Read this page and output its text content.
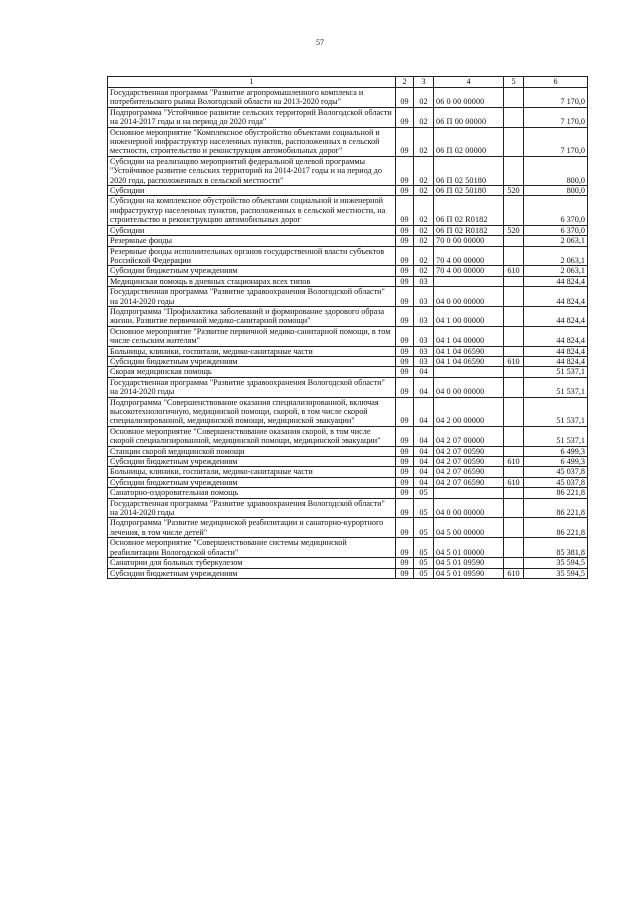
57
1	2	3	4	5	6
Государственная программа "Развитие агропромышленного комплекса и потребительского рынка Вологодской области на 2013-2020 годы"	09	02	06 0 00 00000		7 170,0
Подпрограмма "Устойчивое развитие сельских территорий Вологодской области на 2014-2017 годы и на период до 2020 года"	09	02	06 П 00 00000		7 170,0
Основное мероприятие "Комплексное обустройство объектами социальной и инженерной инфраструктур населенных пунктов, расположенных в сельской местности, строительство и реконструкция автомобильных дорог"	09	02	06 П 02 00000		7 170,0
Субсидии на реализацию мероприятий федеральной целевой программы "Устойчивое развитие сельских территорий на 2014-2017 годы и на период до 2020 года, расположенных в сельской местности"	09	02	06 П 02 50180		800,0
Субсидии	09	02	06 П 02 50180	520	800,0
Субсидии на комплексное обустройство объектами социальной и инженерной инфраструктур населенных пунктов, расположенных в сельской местности, на строительство и реконструкцию автомобильных дорог	09	02	06 П 02 R0182		6 370,0
Субсидии	09	02	06 П 02 R0182	520	6 370,0
Резервные фонды	09	02	70 0 00 00000		2 063,1
Резервные фонды исполнительных органов государственной власти субъектов Российской Федерации	09	02	70 4 00 00000		2 063,1
Субсидии бюджетным учреждениям	09	02	70 4 00 00000	610	2 063,1
Медицинская помощь в дневных стационарах всех типов	09	03			44 824,4
Государственная программа "Развитие здравоохранения Вологодской области" на 2014-2020 годы	09	03	04 0 00 00000		44 824,4
Подпрограмма "Профилактика заболеваний и формирование здорового образа жизни. Развитие первичной медико-санитарной помощи"	09	03	04 1 00 00000		44 824,4
Основное мероприятие "Развитие первичной медико-санитарной помощи, в том числе сельским жителям"	09	03	04 1 04 00000		44 824,4
Больницы, клиники, госпитали, медико-санитарные части	09	03	04 1 04 06590		44 824,4
Субсидии бюджетным учреждениям	09	03	04 1 04 06590	610	44 824,4
Скорая медицинская помощь	09	04			51 537,1
Государственная программа "Развитие здравоохранения Вологодской области" на 2014-2020 годы	09	04	04 0 00 00000		51 537,1
Подпрограмма "Совершенствование оказания специализированной, включая высокотехнологичную, медицинской помощи, скорой, в том числе скорой специализированной, медицинской помощи, медицинской эвакуации"	09	04	04 2 00 00000		51 537,1
Основное мероприятие "Совершенствование оказания скорой, в том числе скорой специализированной, медицинской помощи, медицинской эвакуации"	09	04	04 2 07 00000		51 537,1
Станции скорой медицинской помощи	09	04	04 2 07 00590		6 499,3
Субсидии бюджетным учреждениям	09	04	04 2 07 00590	610	6 499,3
Больницы, клиники, госпитали, медико-санитарные части	09	04	04 2 07 06590		45 037,8
Субсидии бюджетным учреждениям	09	04	04 2 07 06590	610	45 037,8
Санаторно-оздоровительная помощь	09	05			86 221,8
Государственная программа "Развитие здравоохранения Вологодской области" на 2014-2020 годы	09	05	04 0 00 00000		86 221,8
Подпрограмма "Развитие медицинской реабилитации и санаторно-курортного лечения, в том числе детей"	09	05	04 5 00 00000		86 221,8
Основное мероприятие "Совершенствование системы медицинской реабилитации Вологодской области"	09	05	04 5 01 00000		85 381,8
Санатории для больных туберкулезом	09	05	04 5 01 09590		35 594,5
Субсидии бюджетным учреждениям	09	05	04 5 01 09590	610	35 594,5
